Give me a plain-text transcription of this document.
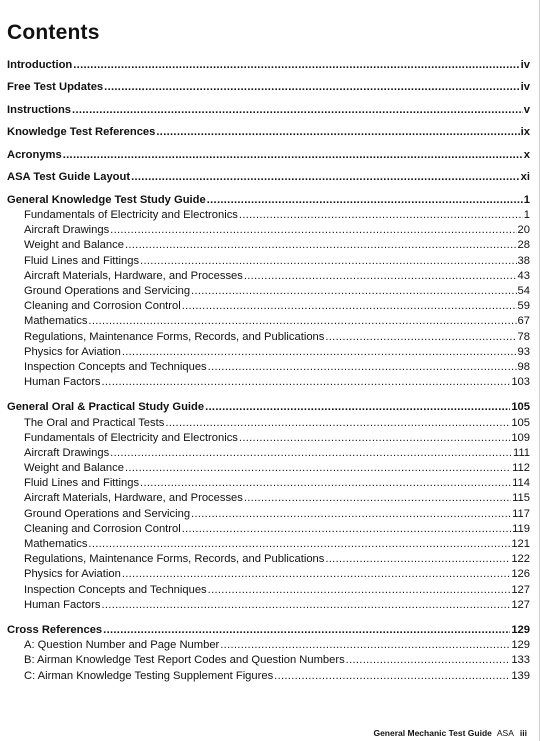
Contents
Introduction .....	iv
Free Test Updates .....	iv
Instructions .....	v
Knowledge Test References .....	ix
Acronyms .....	x
ASA Test Guide Layout .....	xi
General Knowledge Test Study Guide .....	1
Fundamentals of Electricity and Electronics .....	1
Aircraft Drawings .....	20
Weight and Balance .....	28
Fluid Lines and Fittings .....	38
Aircraft Materials, Hardware, and Processes .....	43
Ground Operations and Servicing .....	54
Cleaning and Corrosion Control .....	59
Mathematics .....	67
Regulations, Maintenance Forms, Records, and Publications .....	78
Physics for Aviation .....	93
Inspection Concepts and Techniques .....	98
Human Factors .....	103
General Oral & Practical Study Guide .....	105
The Oral and Practical Tests .....	105
Fundamentals of Electricity and Electronics .....	109
Aircraft Drawings .....	111
Weight and Balance .....	112
Fluid Lines and Fittings .....	114
Aircraft Materials, Hardware, and Processes .....	115
Ground Operations and Servicing .....	117
Cleaning and Corrosion Control .....	119
Mathematics .....	121
Regulations, Maintenance Forms, Records, and Publications .....	122
Physics for Aviation .....	126
Inspection Concepts and Techniques .....	127
Human Factors .....	127
Cross References .....	129
A: Question Number and Page Number .....	129
B: Airman Knowledge Test Report Codes and Question Numbers .....	133
C: Airman Knowledge Testing Supplement Figures .....	139
General Mechanic Test Guide ASA iii
